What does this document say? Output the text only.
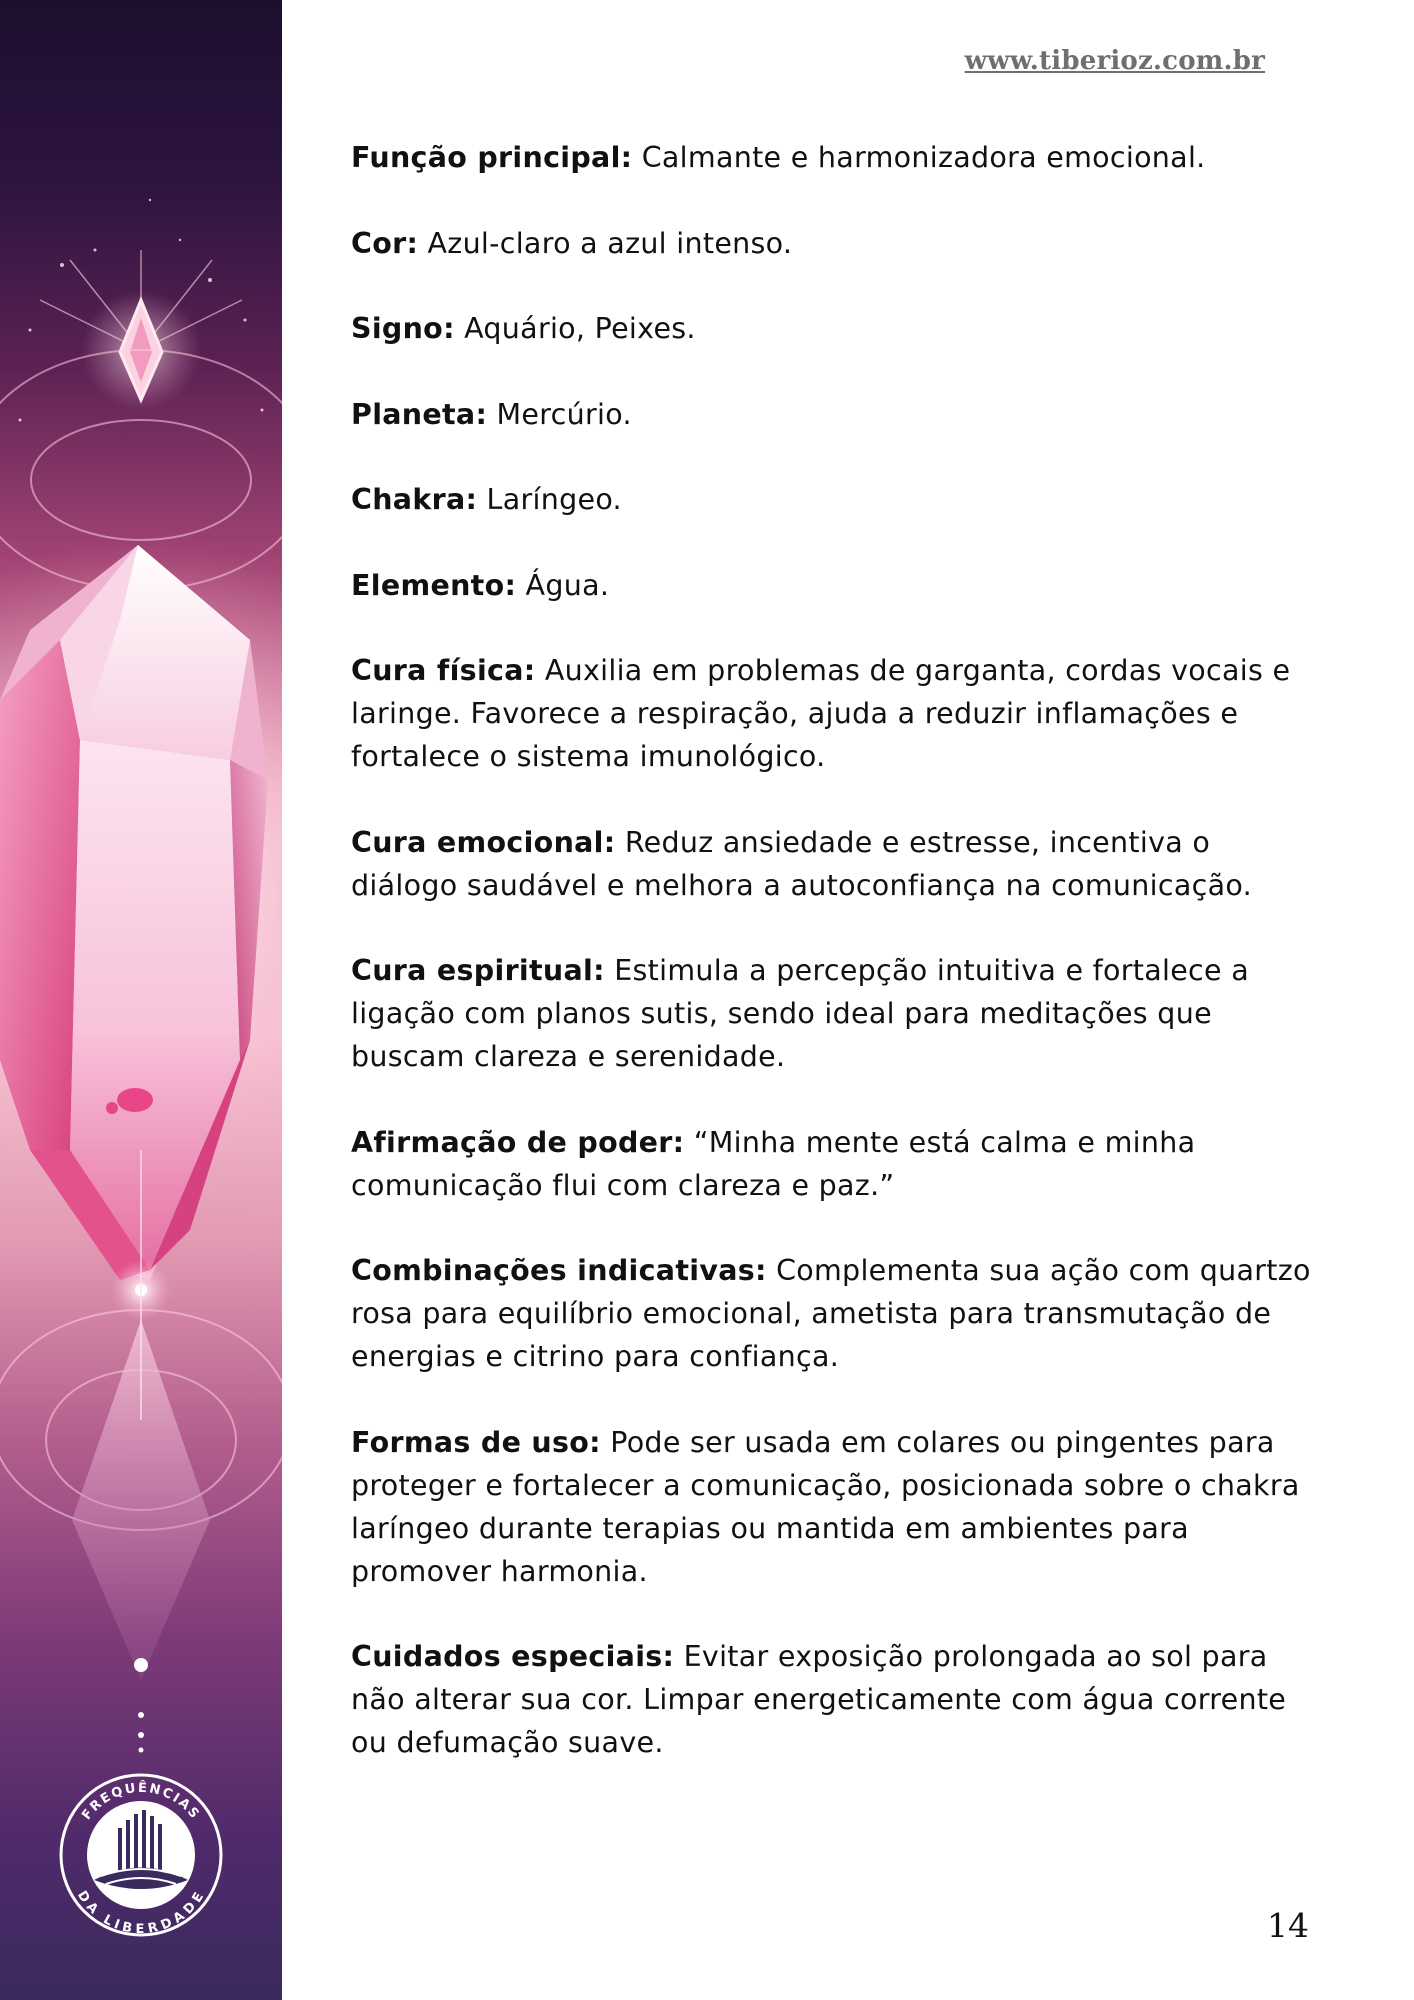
FREQUÊNCIAS
DA LIBERDADE
www.tiberioz.com.br

Função principal: Calmante e harmonizadora emocional.

Cor: Azul-claro a azul intenso.

Signo: Aquário, Peixes.

Planeta: Mercúrio.

Chakra: Laríngeo.

Elemento: Água.

Cura física: Auxilia em problemas de garganta, cordas vocais e laringe. Favorece a respiração, ajuda a reduzir inflamações e fortalece o sistema imunológico.

Cura emocional: Reduz ansiedade e estresse, incentiva o diálogo saudável e melhora a autoconfiança na comunicação.

Cura espiritual: Estimula a percepção intuitiva e fortalece a ligação com planos sutis, sendo ideal para meditações que buscam clareza e serenidade.

Afirmação de poder: “Minha mente está calma e minha comunicação flui com clareza e paz.”

Combinações indicativas: Complementa sua ação com quartzo rosa para equilíbrio emocional, ametista para transmutação de energias e citrino para confiança.

Formas de uso: Pode ser usada em colares ou pingentes para proteger e fortalecer a comunicação, posicionada sobre o chakra laríngeo durante terapias ou mantida em ambientes para promover harmonia.

Cuidados especiais: Evitar exposição prolongada ao sol para não alterar sua cor. Limpar energeticamente com água corrente ou defumação suave.

14
